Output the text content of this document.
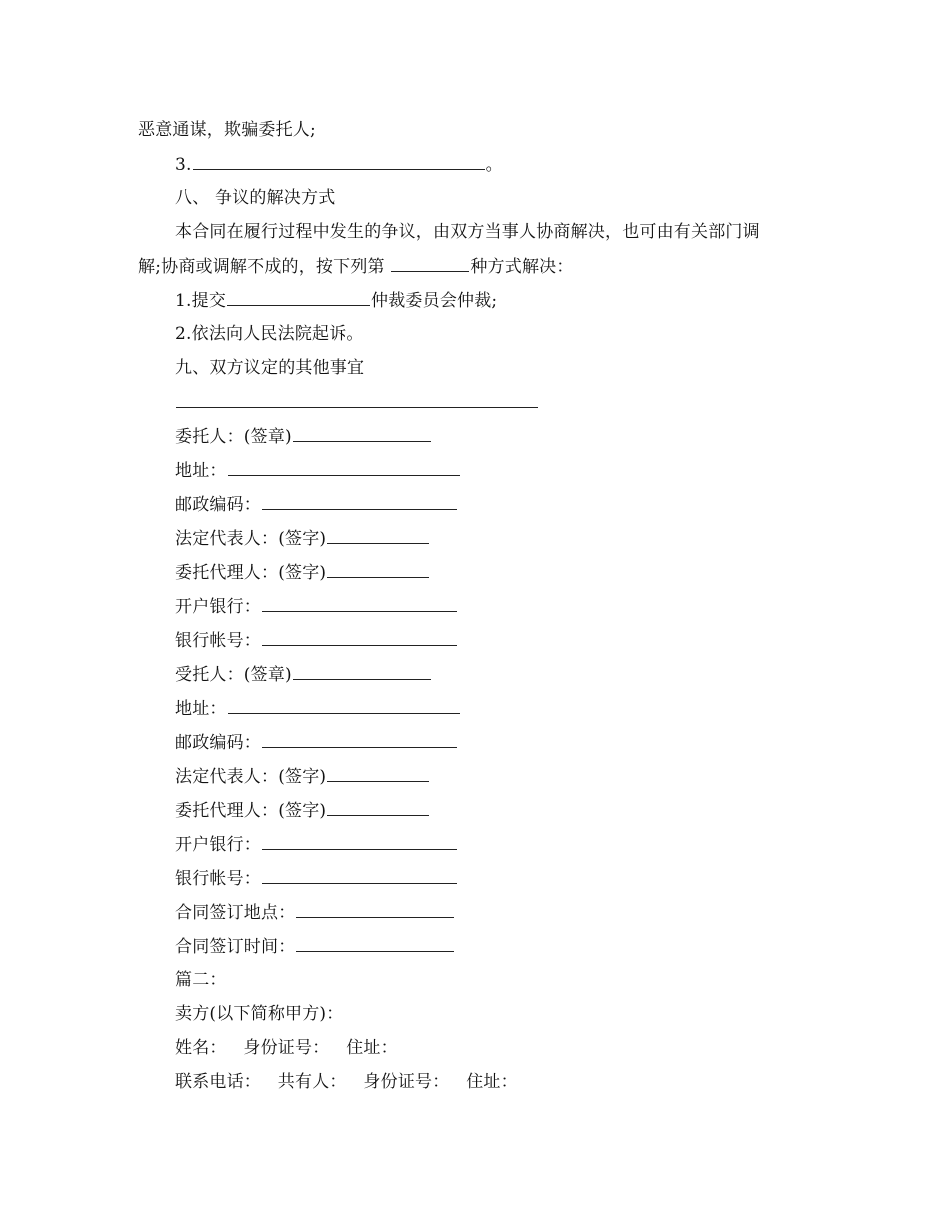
恶意通谋，欺骗委托人;
3.	。
八、 争议的解决方式
本合同在履行过程中发生的争议，由双方当事人协商解决，也可由有关部门调
解;协商或调解不成的，按下列第	种方式解决：
1.提交	仲裁委员会仲裁;
2.依法向人民法院起诉。
九、双方议定的其他事宜
委托人：(签章)
地址：
邮政编码：
法定代表人：(签字)
委托代理人：(签字)
开户银行：
银行帐号：
受托人：(签章)
地址：
邮政编码：
法定代表人：(签字)
委托代理人：(签字)
开户银行：
银行帐号：
合同签订地点：
合同签订时间：
篇二：
卖方(以下简称甲方)：
姓名：   身份证号：   住址：
联系电话：   共有人：   身份证号：   住址：
